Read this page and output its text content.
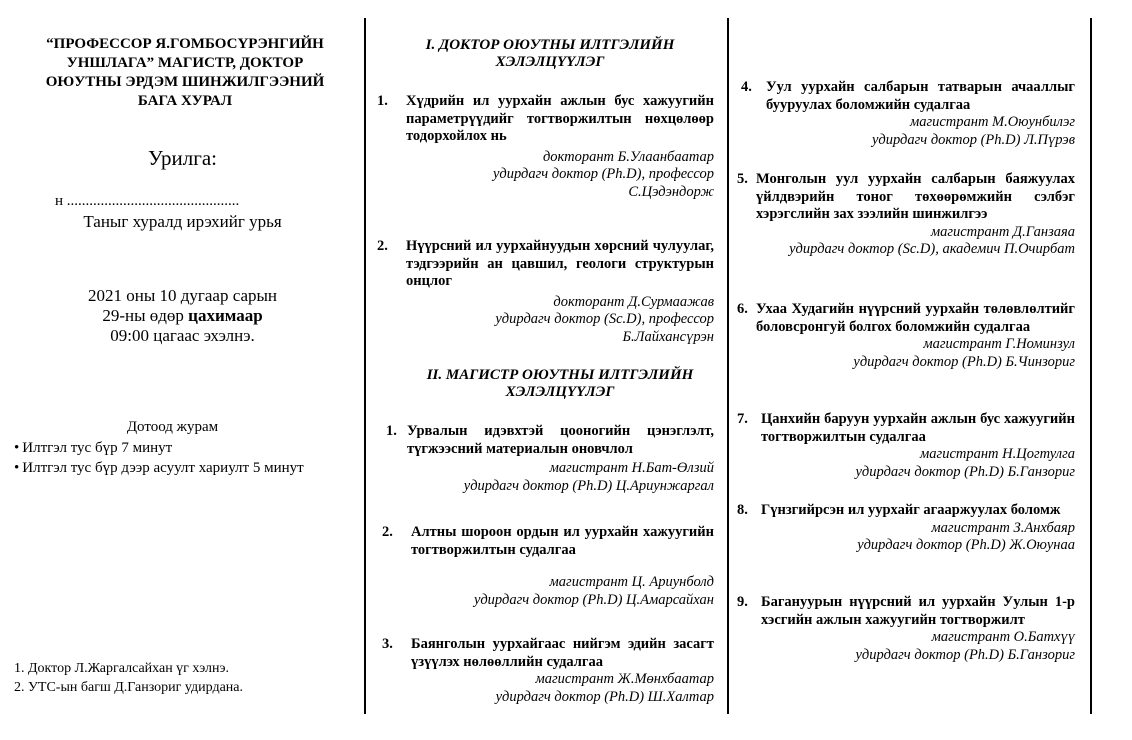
“ПРОФЕССОР Я.ГОМБОСҮРЭНГИЙН УНШЛАГА” МАГИСТР, ДОКТОР ОЮУТНЫ ЭРДЭМ ШИНЖИЛГЭЭНИЙ БАГА ХУРАЛ
Урилга:
н ..............................................
Таныг хуралд ирэхийг урья
2021 оны 10 дугаар сарын
29-ны өдөр цахимаар
09:00 цагаас эхэлнэ.
Дотоод журам
• Илтгэл тус бүр 7 минут
• Илтгэл тус бүр дээр асуулт хариулт 5 минут
1. Доктор Л.Жаргалсайхан үг хэлнэ.
2. УТС-ын багш Д.Ганзориг удирдана.
I. ДОКТОР ОЮУТНЫ ИЛТГЭЛИЙН ХЭЛЭЛЦҮҮЛЭГ
1. Хүдрийн ил уурхайн ажлын бус хажуугийн параметрүүдийг тогтворжилтын нөхцөлөөр тодорхойлох нь
докторант Б.Улаанбаатар
удирдагч доктор (Ph.D), профессор С.Цэдэндорж
2. Нүүрсний ил уурхайнуудын хөрсний чулуулаг, тэдгээрийн ан цавшил, геологи структурын онцлог
докторант Д.Сурмаажав
удирдагч доктор (Sc.D), профессор Б.Лайхансүрэн
II. МАГИСТР ОЮУТНЫ ИЛТГЭЛИЙН ХЭЛЭЛЦҮҮЛЭГ
1. Урвалын идэвхтэй цооногийн цэнэглэлт, түгжээсний материалын оновчлол
магистрант Н.Бат-Өлзий
удирдагч доктор (Ph.D) Ц.Ариунжаргал
2. Алтны шороон ордын ил уурхайн хажуугийн тогтворжилтын судалгаа
магистрант Ц. Ариунболд
удирдагч доктор (Ph.D) Ц.Амарсайхан
3. Баянголын уурхайгаас нийгэм эдийн засагт үзүүлэх нөлөөллийн судалгаа
магистрант Ж.Мөнхбаатар
удирдагч доктор (Ph.D) Ш.Халтар
4. Уул уурхайн салбарын татварын ачааллыг бууруулах боломжийн судалгаа
магистрант М.Оюунбилэг
удирдагч доктор (Ph.D) Л.Пүрэв
5. Монголын уул уурхайн салбарын баяжуулах үйлдвэрийн тоног төхөөрөмжийн сэлбэг хэрэгслийн зах зээлийн шинжилгээ
магистрант Д.Ганзаяа
удирдагч доктор (Sc.D), академич П.Очирбат
6. Ухаа Худагийн нүүрсний уурхайн төлөвлөлтийг боловсронгуй болгох боломжийн судалгаа
магистрант Г.Номинзул
удирдагч доктор (Ph.D) Б.Чинзориг
7. Цанхийн баруун уурхайн ажлын бус хажуугийн тогтворжилтын судалгаа
магистрант Н.Цогтулга
удирдагч доктор (Ph.D) Б.Ганзориг
8. Гүнзгийрсэн ил уурхайг агааржуулах боломж
магистрант З.Анхбаяр
удирдагч доктор (Ph.D) Ж.Оюунаа
9. Багануурын нүүрсний ил уурхайн Уулын 1-р хэсгийн ажлын хажуугийн тогтворжилт
магистрант О.Батхүү
удирдагч доктор (Ph.D) Б.Ганзориг
